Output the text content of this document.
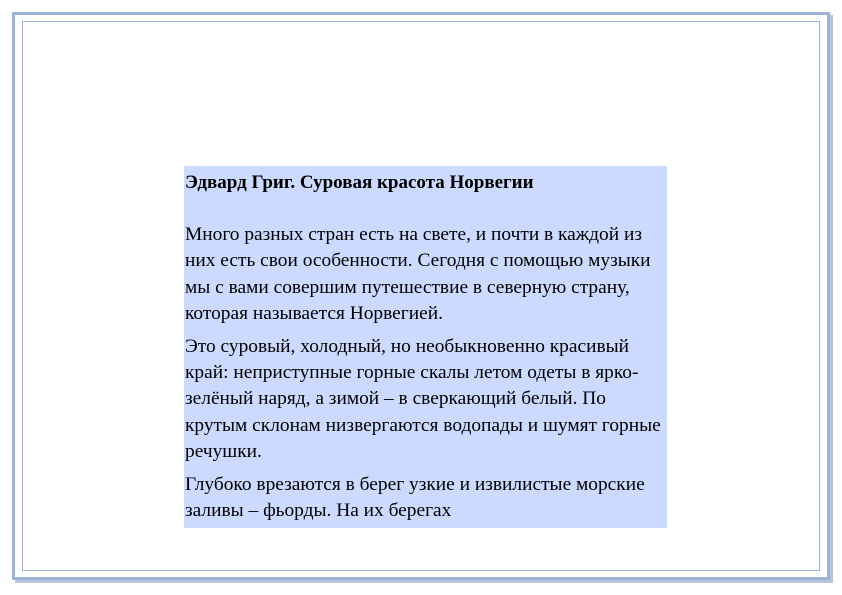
Эдвард Григ. Суровая красота Норвегии

Много разных стран есть на свете, и почти в каждой из них есть свои особенности. Сегодня с помощью музыки мы с вами совершим путешествие в северную страну, которая называется Норвегией.

Это суровый, холодный, но необыкновенно красивый край: неприступные горные скалы летом одеты в ярко-зелёный наряд, а зимой – в сверкающий белый. По крутым склонам низвергаются водопады и шумят горные речушки.

Глубоко врезаются в берег узкие и извилистые морские заливы – фьорды. На их берегах
